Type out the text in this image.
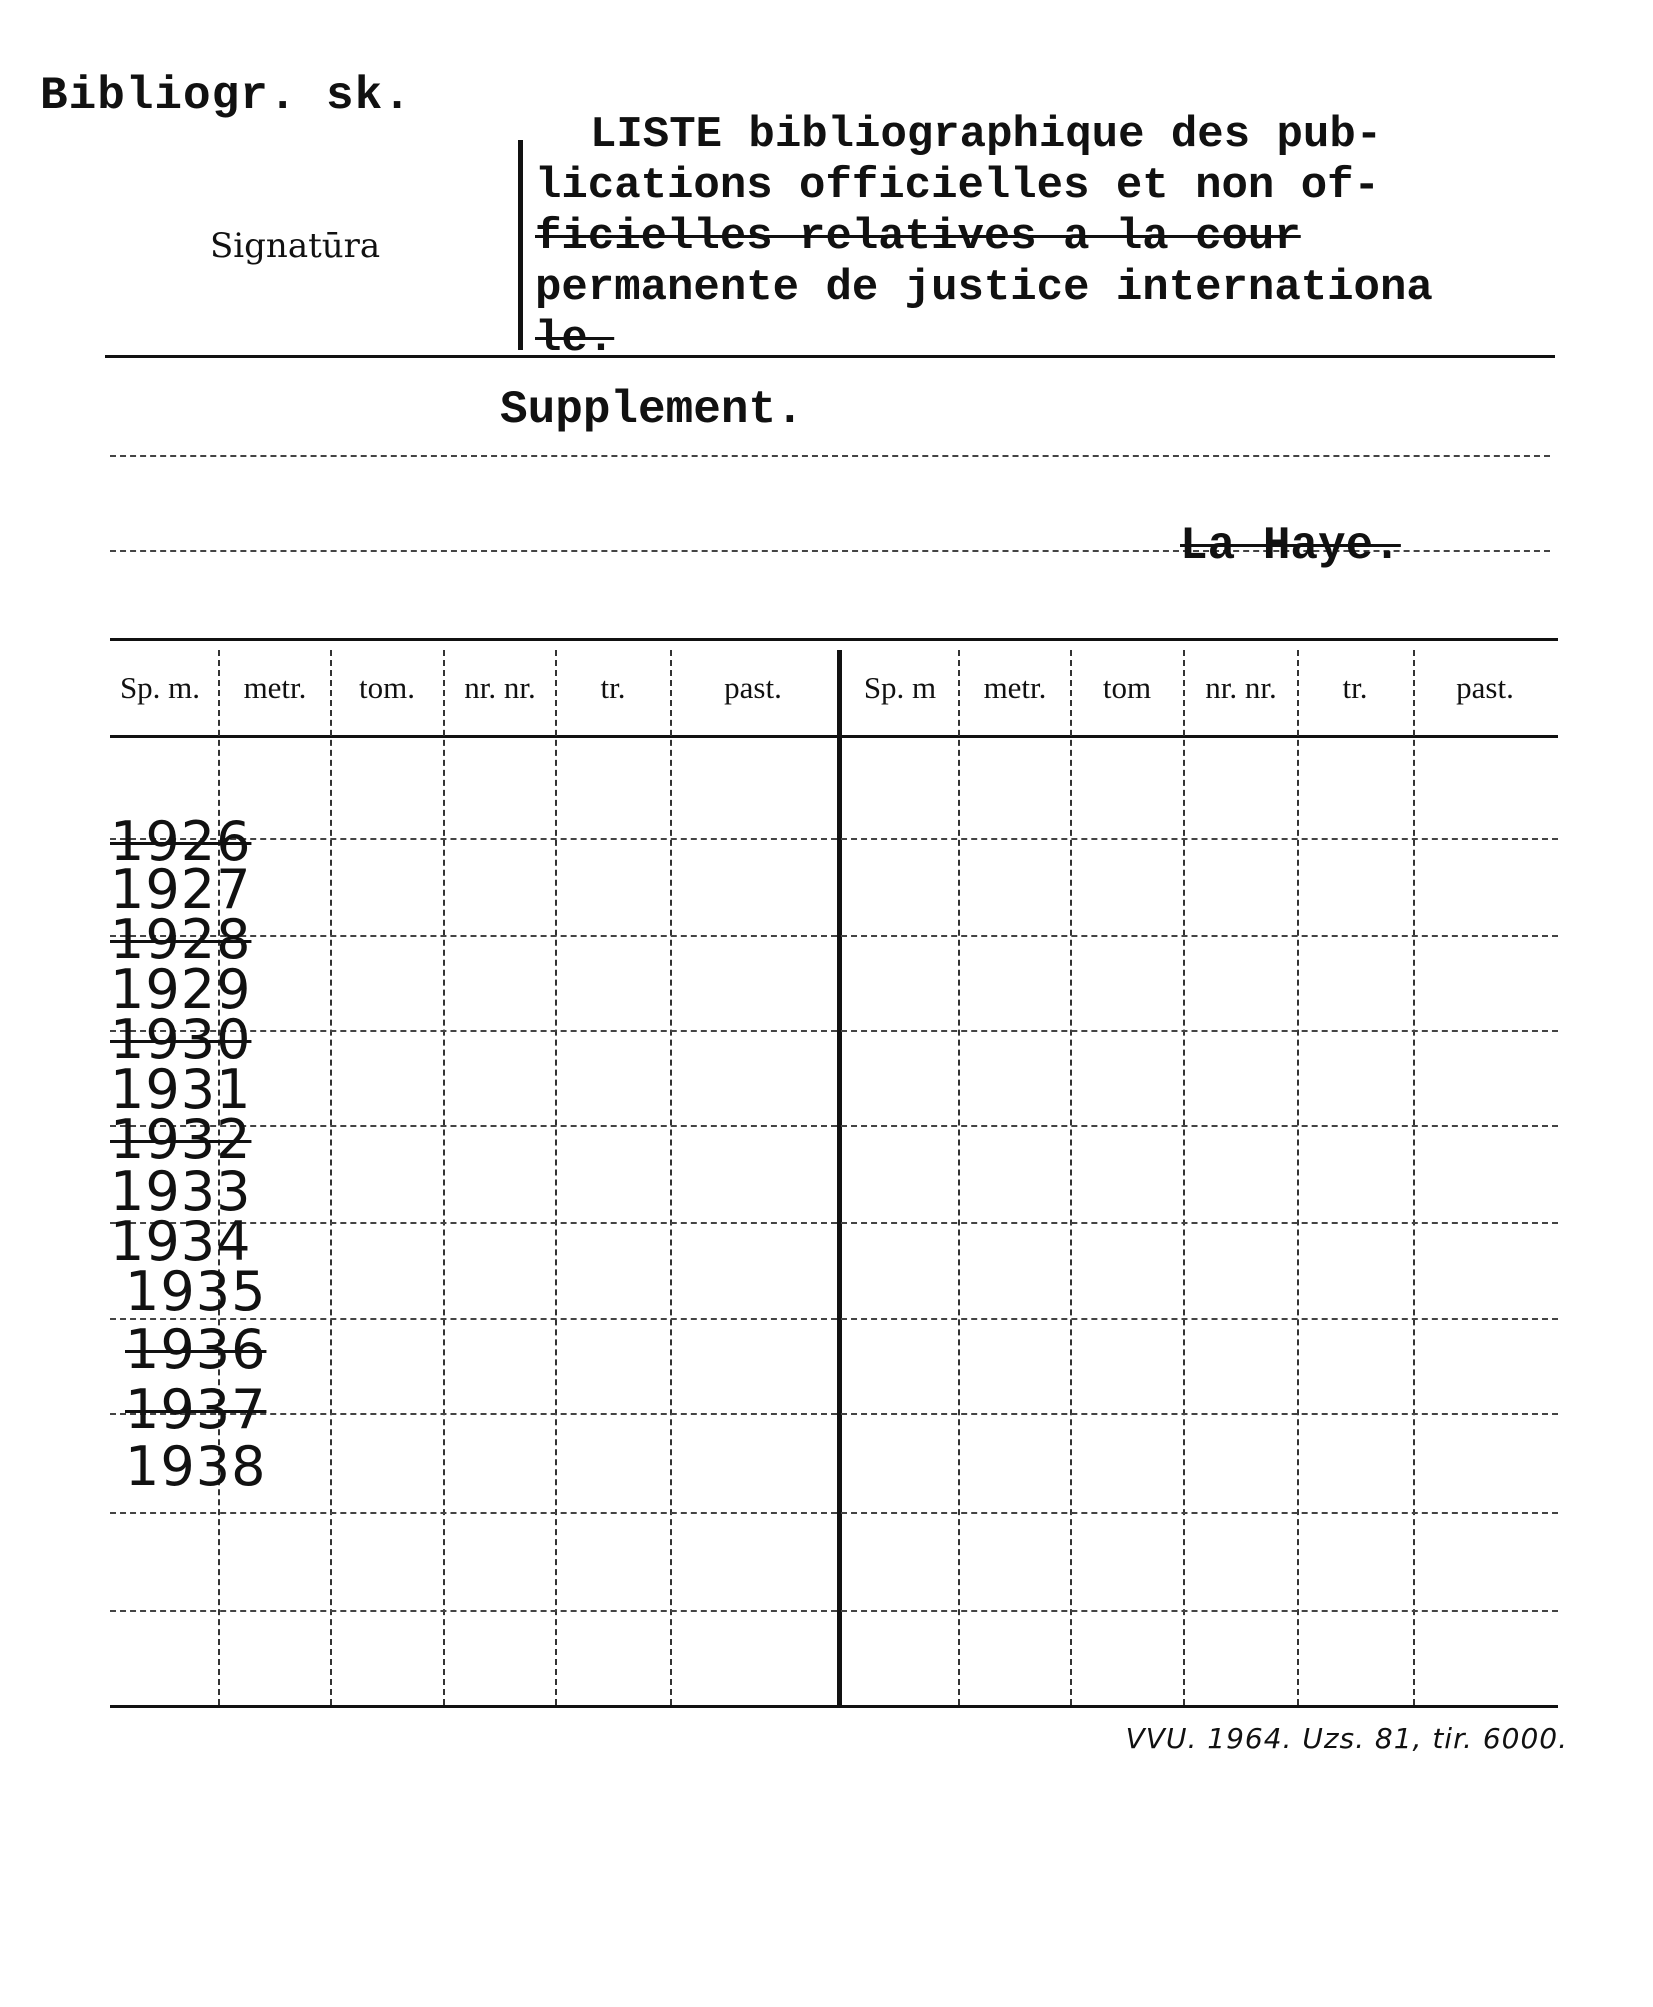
Bibliogr. sk.
Signatūra
LISTE bibliographique des pub-
lications officielles et non of-
ficielles relatives a la cour
permanente de justice internationa
le.
Supplement.
La Haye.
Sp. m.	metr.	tom.	nr. nr.	tr.	past.	Sp. m	metr.	tom	nr. nr.	tr.	past.
1926
1927
1928
1929
1930
1931
1932
1933
1934
1935
1936
1937
1938
VVU. 1964. Uzs. 81, tir. 6000.
